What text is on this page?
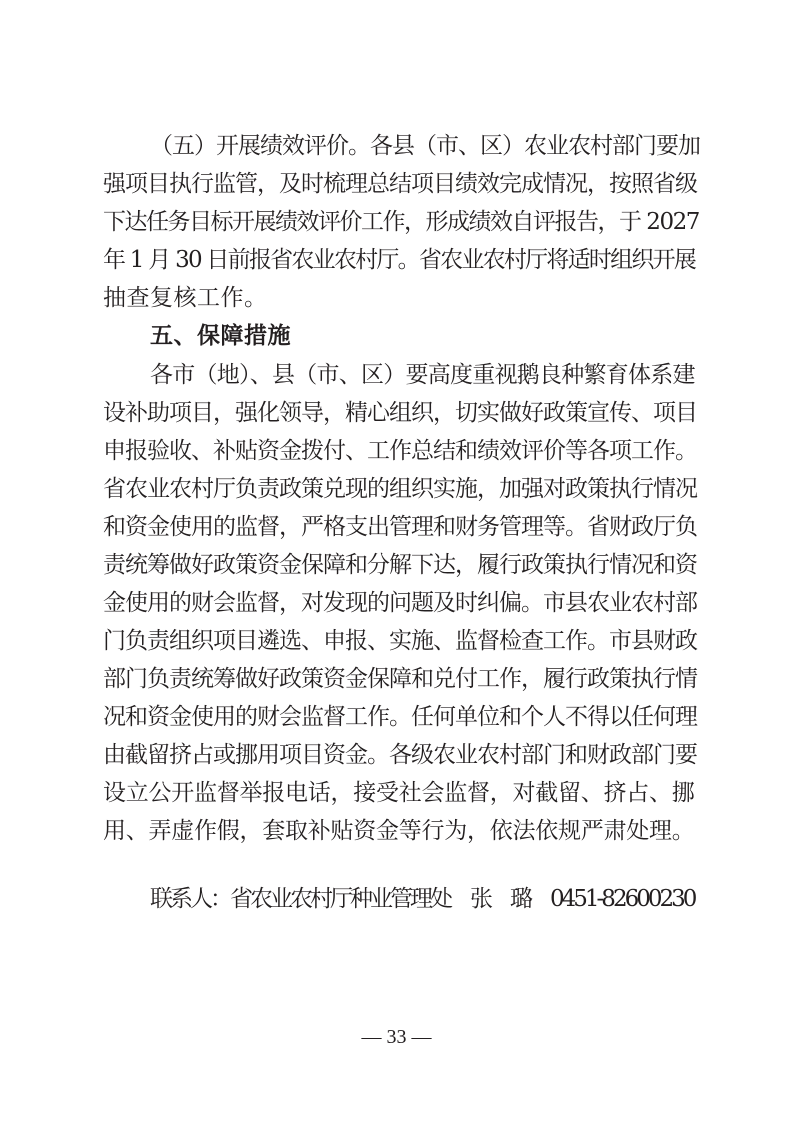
（五）开展绩效评价。各县（市、区）农业农村部门要加
强项目执行监管，及时梳理总结项目绩效完成情况，按照省级
下达任务目标开展绩效评价工作，形成绩效自评报告，于 2027
年 1 月 30 日前报省农业农村厅。省农业农村厅将适时组织开展
抽查复核工作。
五、保障措施
各市（地）、县（市、区）要高度重视鹅良种繁育体系建
设补助项目，强化领导，精心组织，切实做好政策宣传、项目
申报验收、补贴资金拨付、工作总结和绩效评价等各项工作。
省农业农村厅负责政策兑现的组织实施，加强对政策执行情况
和资金使用的监督，严格支出管理和财务管理等。省财政厅负
责统筹做好政策资金保障和分解下达，履行政策执行情况和资
金使用的财会监督，对发现的问题及时纠偏。市县农业农村部
门负责组织项目遴选、申报、实施、监督检查工作。市县财政
部门负责统筹做好政策资金保障和兑付工作，履行政策执行情
况和资金使用的财会监督工作。任何单位和个人不得以任何理
由截留挤占或挪用项目资金。各级农业农村部门和财政部门要
设立公开监督举报电话，接受社会监督，对截留、挤占、挪
用、弄虚作假，套取补贴资金等行为，依法依规严肃处理。
联系人：省农业农村厅种业管理处　张　璐　0451-82600230
— 33 —
